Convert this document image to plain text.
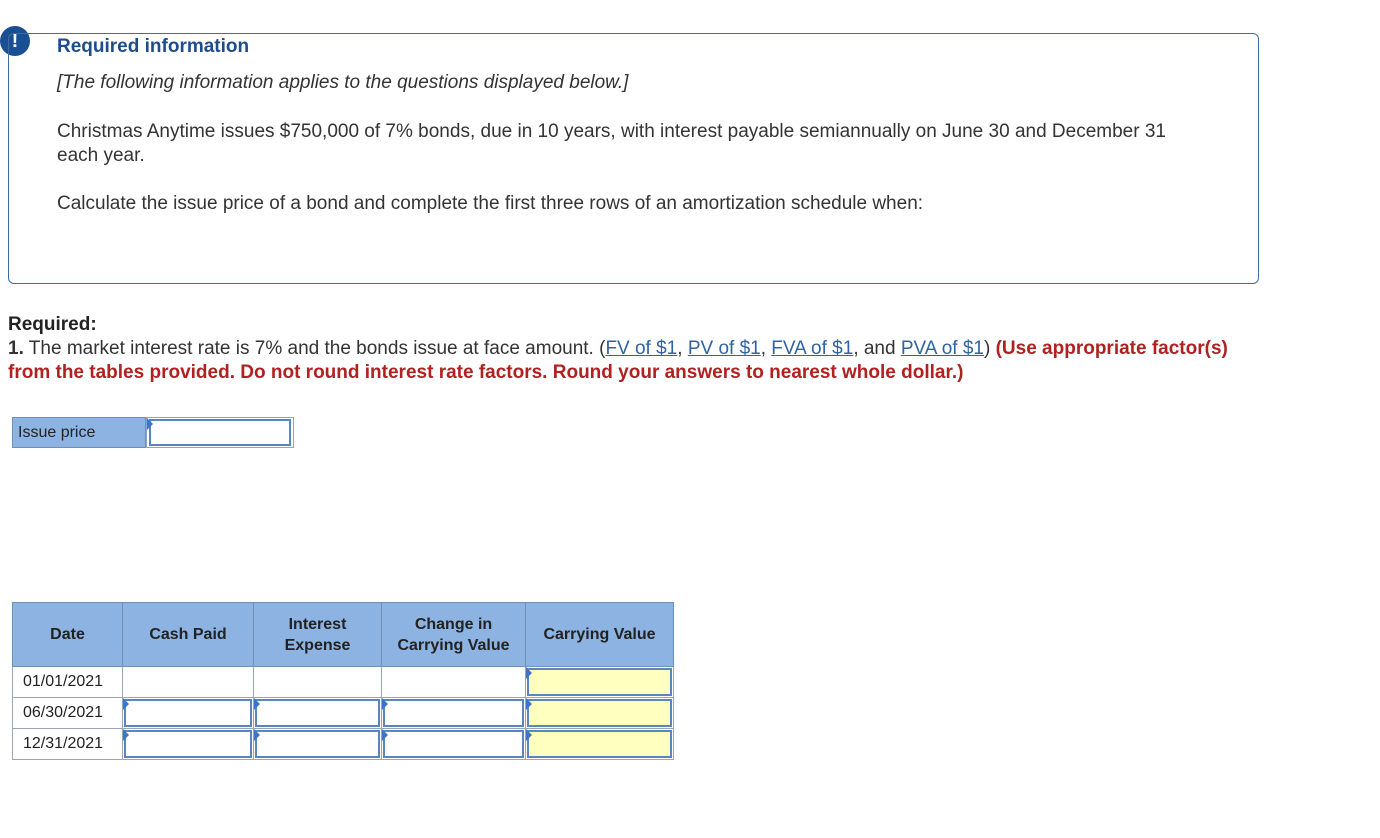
!	Required information
[The following information applies to the questions displayed below.]
Christmas Anytime issues $750,000 of 7% bonds, due in 10 years, with interest payable semiannually on June 30 and December 31 each year.
Calculate the issue price of a bond and complete the first three rows of an amortization schedule when:
Required:
1. The market interest rate is 7% and the bonds issue at face amount. (FV of $1, PV of $1, FVA of $1, and PVA of $1) (Use appropriate factor(s) from the tables provided. Do not round interest rate factors. Round your answers to nearest whole dollar.)
Issue price
Date	Cash Paid	Interest Expense	Change in Carrying Value	Carrying Value
01/01/2021				

06/30/2021	

12/31/2021	
